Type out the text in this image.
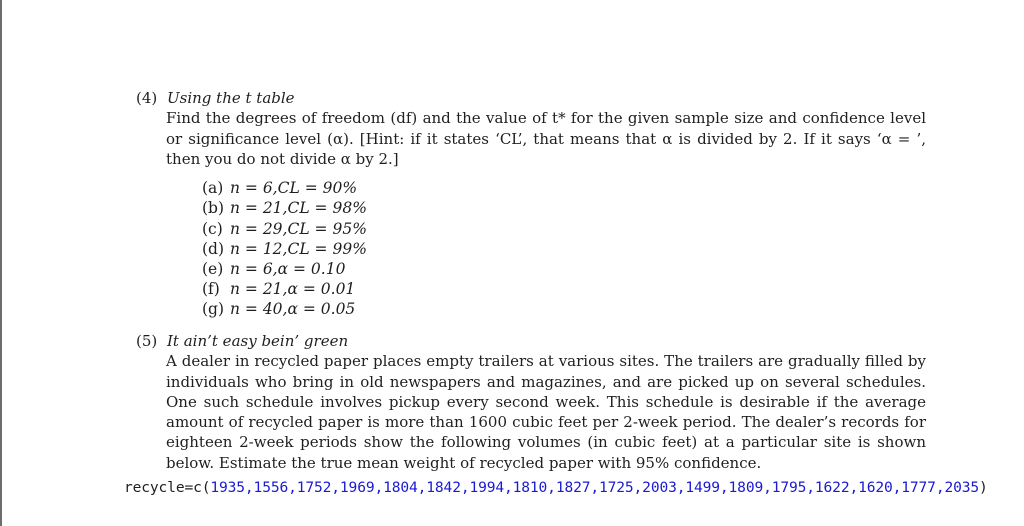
(4) Using the t table

Find the degrees of freedom (df) and the value of t* for the given sample size and confidence level or significance level (α). [Hint: if it states ‘CL’, that means that α is divided by 2. If it says ‘α = ’, then you do not divide α by 2.]

(a) n = 6,CL = 90%
(b) n = 21,CL = 98%
(c) n = 29,CL = 95%
(d) n = 12,CL = 99%
(e) n = 6,α = 0.10
(f) n = 21,α = 0.01
(g) n = 40,α = 0.05
(5) It ain’t easy bein’ green

A dealer in recycled paper places empty trailers at various sites. The trailers are gradually filled by individuals who bring in old newspapers and magazines, and are picked up on several schedules. One such schedule involves pickup every second week. This schedule is desirable if the average amount of recycled paper is more than 1600 cubic feet per 2-week period. The dealer’s records for eighteen 2-week periods show the following volumes (in cubic feet) at a particular site is shown below. Estimate the true mean weight of recycled paper with 95% confidence.

recycle=c(1935,1556,1752,1969,1804,1842,1994,1810,1827,1725,2003,1499,1809,1795,1622,1620,1777,2035)
